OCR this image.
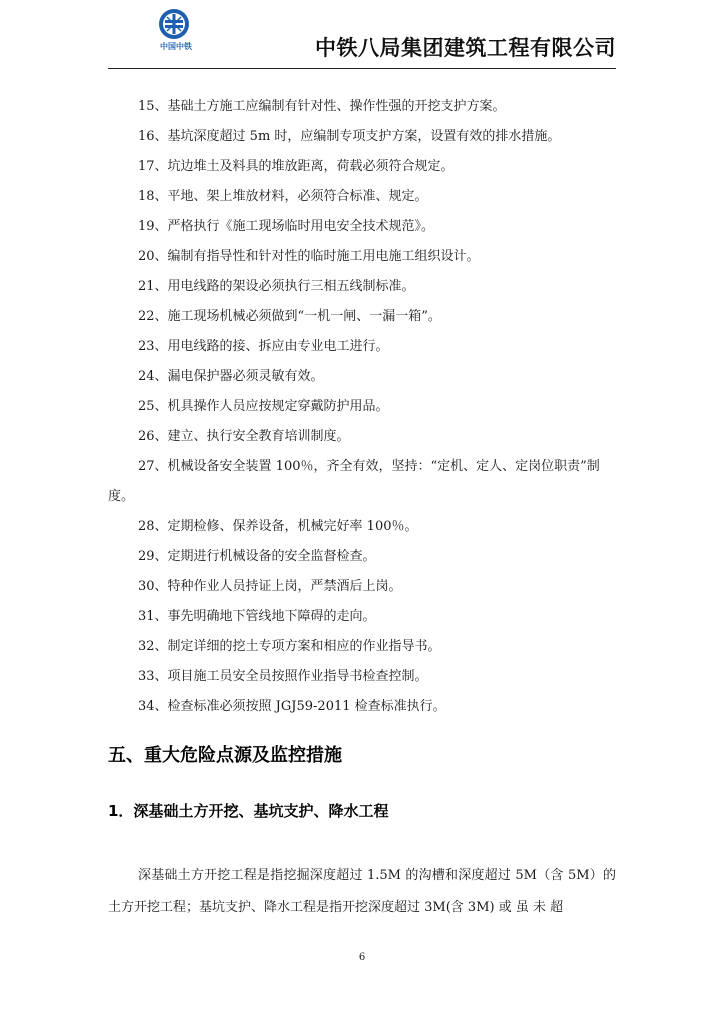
中国中铁	中铁八局集团建筑工程有限公司
15、基础土方施工应编制有针对性、操作性强的开挖支护方案。
16、基坑深度超过 5m 时，应编制专项支护方案，设置有效的排水措施。
17、坑边堆土及料具的堆放距离，荷载必须符合规定。
18、平地、架上堆放材料，必须符合标准、规定。
19、严格执行《施工现场临时用电安全技术规范》。
20、编制有指导性和针对性的临时施工用电施工组织设计。
21、用电线路的架设必须执行三相五线制标准。
22、施工现场机械必须做到“一机一闸、一漏一箱”。
23、用电线路的接、拆应由专业电工进行。
24、漏电保护器必须灵敏有效。
25、机具操作人员应按规定穿戴防护用品。
26、建立、执行安全教育培训制度。
27、机械设备安全装置 100％，齐全有效，坚持：“定机、定人、定岗位职责”制度。
28、定期检修、保养设备，机械完好率 100％。
29、定期进行机械设备的安全监督检查。
30、特种作业人员持证上岗，严禁酒后上岗。
31、事先明确地下管线地下障碍的走向。
32、制定详细的挖土专项方案和相应的作业指导书。
33、项目施工员安全员按照作业指导书检查控制。
34、检查标准必须按照 JGJ59-2011 检查标准执行。
五、重大危险点源及监控措施
1．深基础土方开挖、基坑支护、降水工程
深基础土方开挖工程是指挖掘深度超过 1.5M 的沟槽和深度超过 5M（含 5M）的土方开挖工程；基坑支护、降水工程是指开挖深度超过 3M(含 3M) 或 虽 未 超
6
